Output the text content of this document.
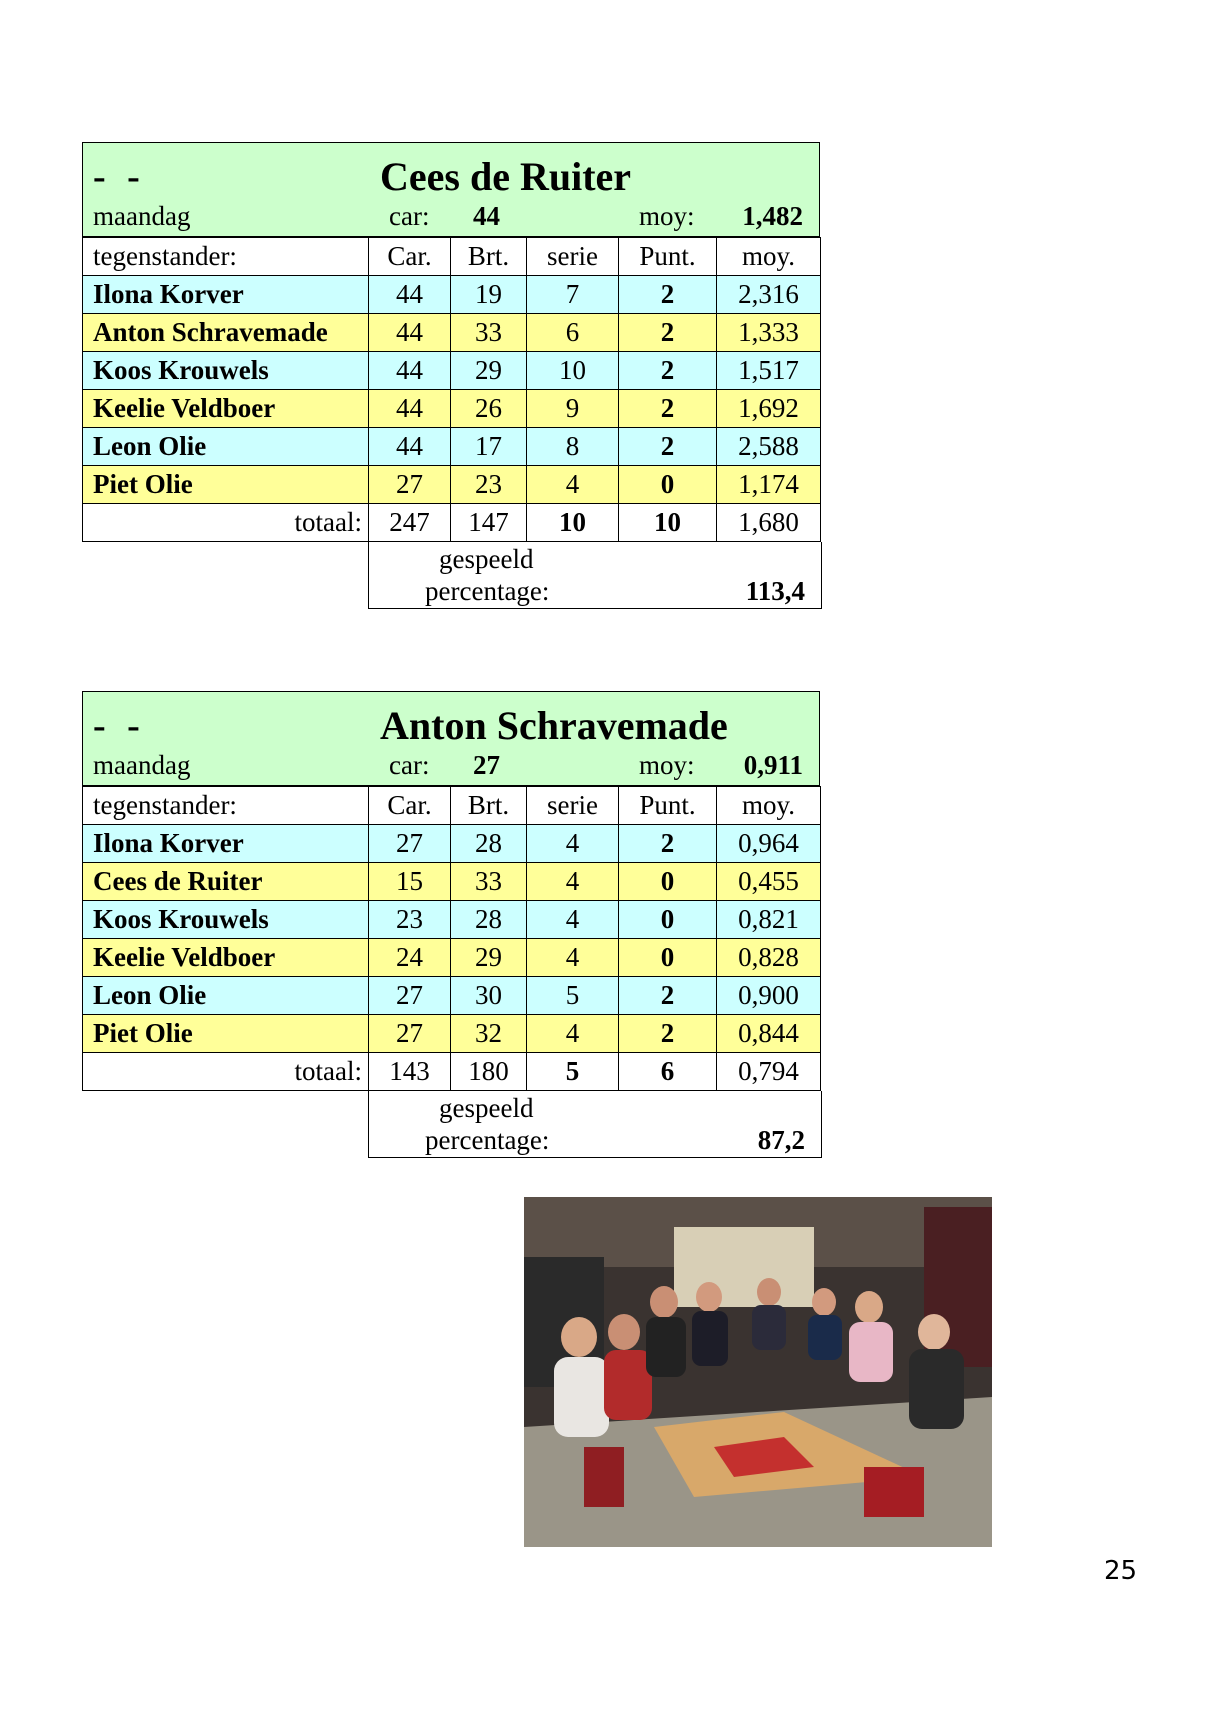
- -	Cees de Ruiter
maandag	car: 44	moy: 1,482
tegenstander:	Car.	Brt.	serie	Punt.	moy.
Ilona Korver	44	19	7	2	2,316
Anton Schravemade	44	33	6	2	1,333
Koos Krouwels	44	29	10	2	1,517
Keelie Veldboer	44	26	9	2	1,692
Leon Olie	44	17	8	2	2,588
Piet Olie	27	23	4	0	1,174
totaal:	247	147	10	10	1,680
gespeeld
percentage:	113,4
- -	Anton Schravemade
maandag	car: 27	moy: 0,911
tegenstander:	Car.	Brt.	serie	Punt.	moy.
Ilona Korver	27	28	4	2	0,964
Cees de Ruiter	15	33	4	0	0,455
Koos Krouwels	23	28	4	0	0,821
Keelie Veldboer	24	29	4	0	0,828
Leon Olie	27	30	5	2	0,900
Piet Olie	27	32	4	2	0,844
totaal:	143	180	5	6	0,794
gespeeld
percentage:	87,2
25
